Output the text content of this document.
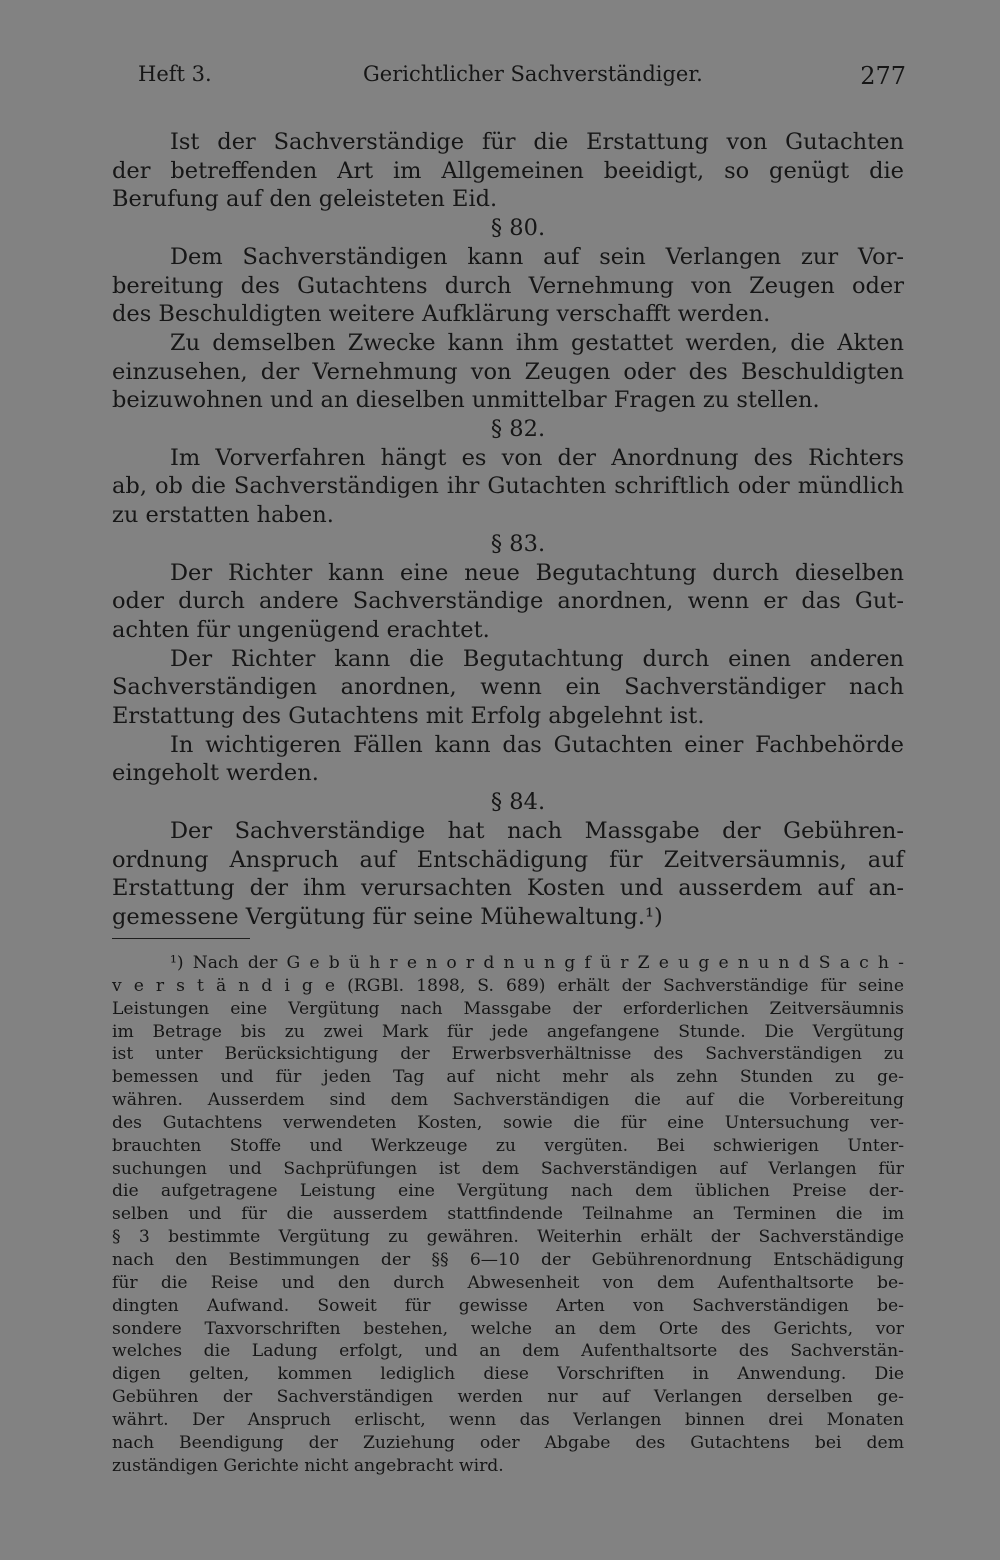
Heft 3.	Gerichtlicher Sachverständiger.	277

Ist der Sachverständige für die Erstattung von Gutachten
der betreffenden Art im Allgemeinen beeidigt, so genügt die
Berufung auf den geleisteten Eid.

§ 80.

Dem Sachverständigen kann auf sein Verlangen zur Vor-
bereitung des Gutachtens durch Vernehmung von Zeugen oder
des Beschuldigten weitere Aufklärung verschafft werden.

Zu demselben Zwecke kann ihm gestattet werden, die Akten
einzusehen, der Vernehmung von Zeugen oder des Beschuldigten
beizuwohnen und an dieselben unmittelbar Fragen zu stellen.

§ 82.

Im Vorverfahren hängt es von der Anordnung des Richters
ab, ob die Sachverständigen ihr Gutachten schriftlich oder mündlich
zu erstatten haben.

§ 83.

Der Richter kann eine neue Begutachtung durch dieselben
oder durch andere Sachverständige anordnen, wenn er das Gut-
achten für ungenügend erachtet.

Der Richter kann die Begutachtung durch einen anderen
Sachverständigen anordnen, wenn ein Sachverständiger nach
Erstattung des Gutachtens mit Erfolg abgelehnt ist.

In wichtigeren Fällen kann das Gutachten einer Fachbehörde
eingeholt werden.

§ 84.

Der Sachverständige hat nach Massgabe der Gebühren-
ordnung Anspruch auf Entschädigung für Zeitversäumnis, auf
Erstattung der ihm verursachten Kosten und ausserdem auf an-
gemessene Vergütung für seine Mühewaltung.¹)

¹) Nach der G e b ü h r e n o r d n u n g f ü r Z e u g e n u n d S a c h -
v e r s t ä n d i g e (RGBl. 1898, S. 689) erhält der Sachverständige für seine
Leistungen eine Vergütung nach Massgabe der erforderlichen Zeitversäumnis
im Betrage bis zu zwei Mark für jede angefangene Stunde. Die Vergütung
ist unter Berücksichtigung der Erwerbsverhältnisse des Sachverständigen zu
bemessen und für jeden Tag auf nicht mehr als zehn Stunden zu ge-
währen. Ausserdem sind dem Sachverständigen die auf die Vorbereitung
des Gutachtens verwendeten Kosten, sowie die für eine Untersuchung ver-
brauchten Stoffe und Werkzeuge zu vergüten. Bei schwierigen Unter-
suchungen und Sachprüfungen ist dem Sachverständigen auf Verlangen für
die aufgetragene Leistung eine Vergütung nach dem üblichen Preise der-
selben und für die ausserdem stattfindende Teilnahme an Terminen die im
§ 3 bestimmte Vergütung zu gewähren. Weiterhin erhält der Sachverständige
nach den Bestimmungen der §§ 6—10 der Gebührenordnung Entschädigung
für die Reise und den durch Abwesenheit von dem Aufenthaltsorte be-
dingten Aufwand. Soweit für gewisse Arten von Sachverständigen be-
sondere Taxvorschriften bestehen, welche an dem Orte des Gerichts, vor
welches die Ladung erfolgt, und an dem Aufenthaltsorte des Sachverstän-
digen gelten, kommen lediglich diese Vorschriften in Anwendung. Die
Gebühren der Sachverständigen werden nur auf Verlangen derselben ge-
währt. Der Anspruch erlischt, wenn das Verlangen binnen drei Monaten
nach Beendigung der Zuziehung oder Abgabe des Gutachtens bei dem
zuständigen Gerichte nicht angebracht wird.
